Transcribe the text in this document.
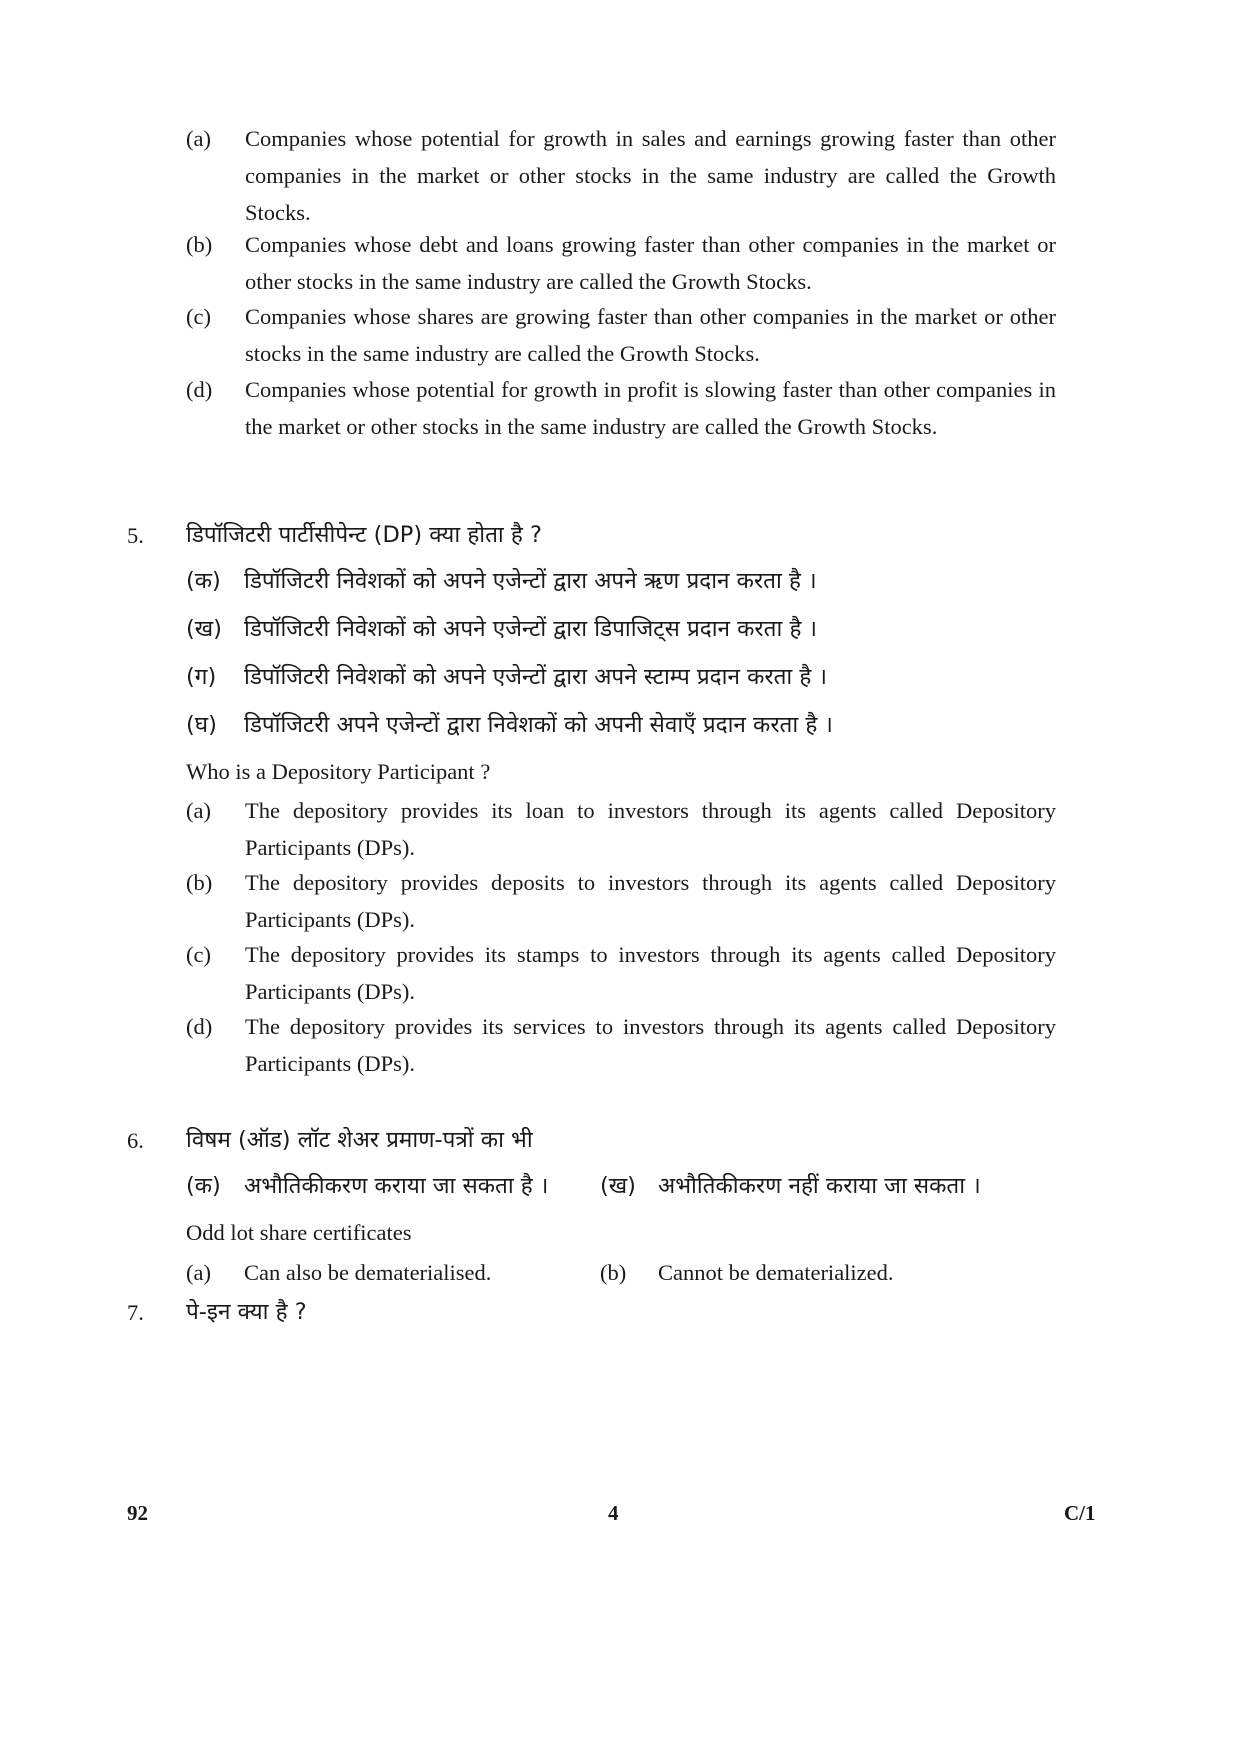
(a)	Companies whose potential for growth in sales and earnings growing faster than other companies in the market or other stocks in the same industry are called the Growth Stocks.
(b)	Companies whose debt and loans growing faster than other companies in the market or other stocks in the same industry are called the Growth Stocks.
(c)	Companies whose shares are growing faster than other companies in the market or other stocks in the same industry are called the Growth Stocks.
(d)	Companies whose potential for growth in profit is slowing faster than other companies in the market or other stocks in the same industry are called the Growth Stocks.
5.	डिपॉजिटरी पार्टीसीपेन्ट (DP) क्या होता है ?
(क) डिपॉजिटरी निवेशकों को अपने एजेन्टों द्वारा अपने ऋण प्रदान करता है ।
(ख) डिपॉजिटरी निवेशकों को अपने एजेन्टों द्वारा डिपाजिट्स प्रदान करता है ।
(ग) डिपॉजिटरी निवेशकों को अपने एजेन्टों द्वारा अपने स्टाम्प प्रदान करता है ।
(घ) डिपॉजिटरी अपने एजेन्टों द्वारा निवेशकों को अपनी सेवाएँ प्रदान करता है ।
Who is a Depository Participant ?
(a)	The depository provides its loan to investors through its agents called Depository Participants (DPs).
(b)	The depository provides deposits to investors through its agents called Depository Participants (DPs).
(c)	The depository provides its stamps to investors through its agents called Depository Participants (DPs).
(d)	The depository provides its services to investors through its agents called Depository Participants (DPs).
6.	विषम (ऑड) लॉट शेअर प्रमाण-पत्रों का भी
(क) अभौतिकीकरण कराया जा सकता है । (ख) अभौतिकीकरण नहीं कराया जा सकता ।
Odd lot share certificates
(a) Can also be dematerialised.	(b) Cannot be dematerialized.
7.	पे-इन क्या है ?
92	4	C/1
